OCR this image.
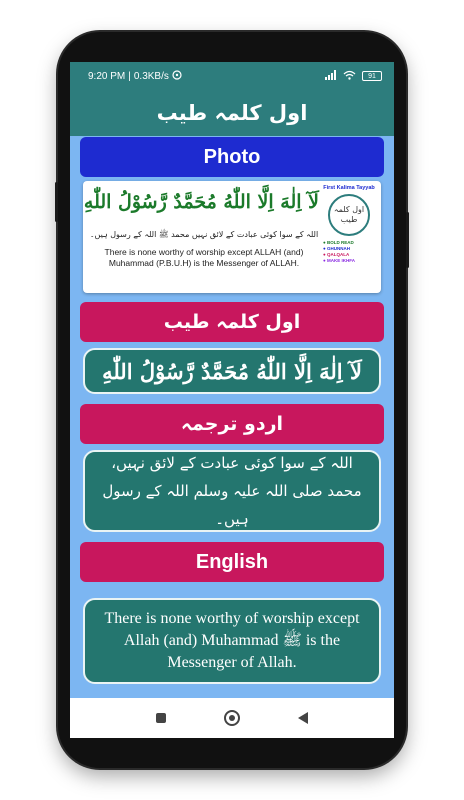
9:20 PM | 0.3KB/s	91
اول کلمہ طیب
Photo
لَآ اِلٰهَ اِلَّا اللّٰهُ مُحَمَّدٌ رَّسُوْلُ اللّٰهِ
اللہ کے سوا کوئی عبادت کے لائق نہیں محمد ﷺ اللہ کے رسول ہیں۔
There is none worthy of worship except ALLAH (and) Muhammad (P.B.U.H) is the Messenger of ALLAH.
First Kalima Tayyab
اول کلمہ طیب
● BOLD READ
● GHUNNAH
● QALQALA
● MAKE IKHFA
اول کلمہ طیب
لَآ اِلٰهَ اِلَّا اللّٰهُ مُحَمَّدٌ رَّسُوْلُ اللّٰهِ
اردو ترجمہ
اللہ کے سوا کوئی عبادت کے لائق نہیں، محمد صلی اللہ علیہ وسلم اللہ کے رسول ہیں۔
English
There is none worthy of worship except Allah (and) Muhammad ﷺ is the Messenger of Allah.
